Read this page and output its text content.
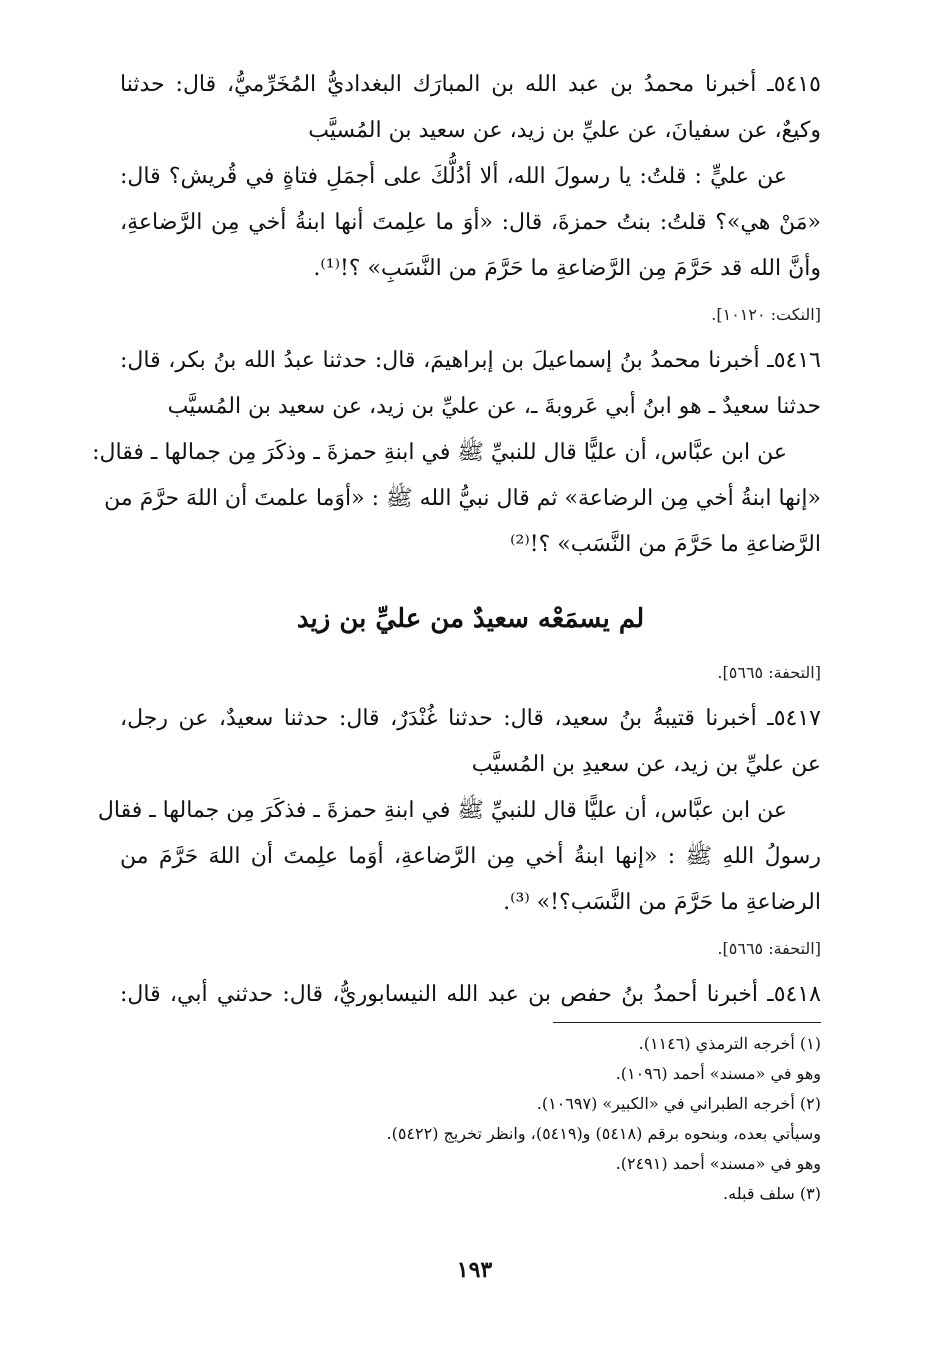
٥٤١٥ـ أخبرنا محمدُ بن عبد الله بن المبارَك البغداديُّ المُخَرِّميُّ، قال: حدثنا

وكيعٌ، عن سفيانَ، عن عليِّ بن زيد، عن سعيد بن المُسيَّب

عن عليٍّ : قلتُ: يا رسولَ الله، ألا أدُلُّكَ على أجمَلِ فتاةٍ في قُريش؟ قال:

«مَنْ هي»؟ قلتُ: بنتُ حمزةَ، قال: «أوَ ما علِمتَ أنها ابنةُ أخي مِن الرَّضاعةِ،

وأنَّ الله قد حَرَّمَ مِن الرَّضاعةِ ما حَرَّمَ من النَّسَبِ» ؟!⁽¹⁾.

[النكت: ١٠١٢٠].

٥٤١٦ـ أخبرنا محمدُ بنُ إسماعيلَ بن إبراهيمَ، قال: حدثنا عبدُ الله بنُ بكر، قال:

حدثنا سعيدٌ ـ هو ابنُ أبي عَروبةَ ـ، عن عليِّ بن زيد، عن سعيد بن المُسيَّب

عن ابن عبَّاس، أن عليًّا قال للنبيِّ ﷺ في ابنةِ حمزةَ ـ وذكَرَ مِن جمالها ـ فقال:

«إنها ابنةُ أخي مِن الرضاعة» ثم قال نبيُّ الله ﷺ : «أوَما علمتَ أن اللهَ حرَّمَ من

الرَّضاعةِ ما حَرَّمَ من النَّسَب» ؟!⁽²⁾

لم يسمَعْه سعيدٌ من عليِّ بن زيد

[التحفة: ٥٦٦٥].

٥٤١٧ـ أخبرنا قتيبةُ بنُ سعيد، قال: حدثنا غُنْدَرٌ، قال: حدثنا سعيدٌ، عن رجل،

عن عليِّ بن زيد، عن سعيدِ بن المُسيَّب

عن ابن عبَّاس، أن عليًّا قال للنبيِّ ﷺ في ابنةِ حمزةَ ـ فذكَرَ مِن جمالها ـ فقال

رسولُ اللهِ ﷺ : «إنها ابنةُ أخي مِن الرَّضاعةِ، أوَما علِمتَ أن اللهَ حَرَّمَ من

الرضاعةِ ما حَرَّمَ من النَّسَب؟!» ⁽³⁾.

[التحفة: ٥٦٦٥].

٥٤١٨ـ أخبرنا أحمدُ بنُ حفص بن عبد الله النيسابوريُّ، قال: حدثني أبي، قال:

(١) أخرجه الترمذي (١١٤٦).

وهو في «مسند» أحمد (١٠٩٦).

(٢) أخرجه الطبراني في «الكبير» (١٠٦٩٧).

وسيأتي بعده، وبنحوه برقم (٥٤١٨) و(٥٤١٩)، وانظر تخريج (٥٤٢٢).

وهو في «مسند» أحمد (٢٤٩١).

(٣) سلف قبله.

١٩٣
